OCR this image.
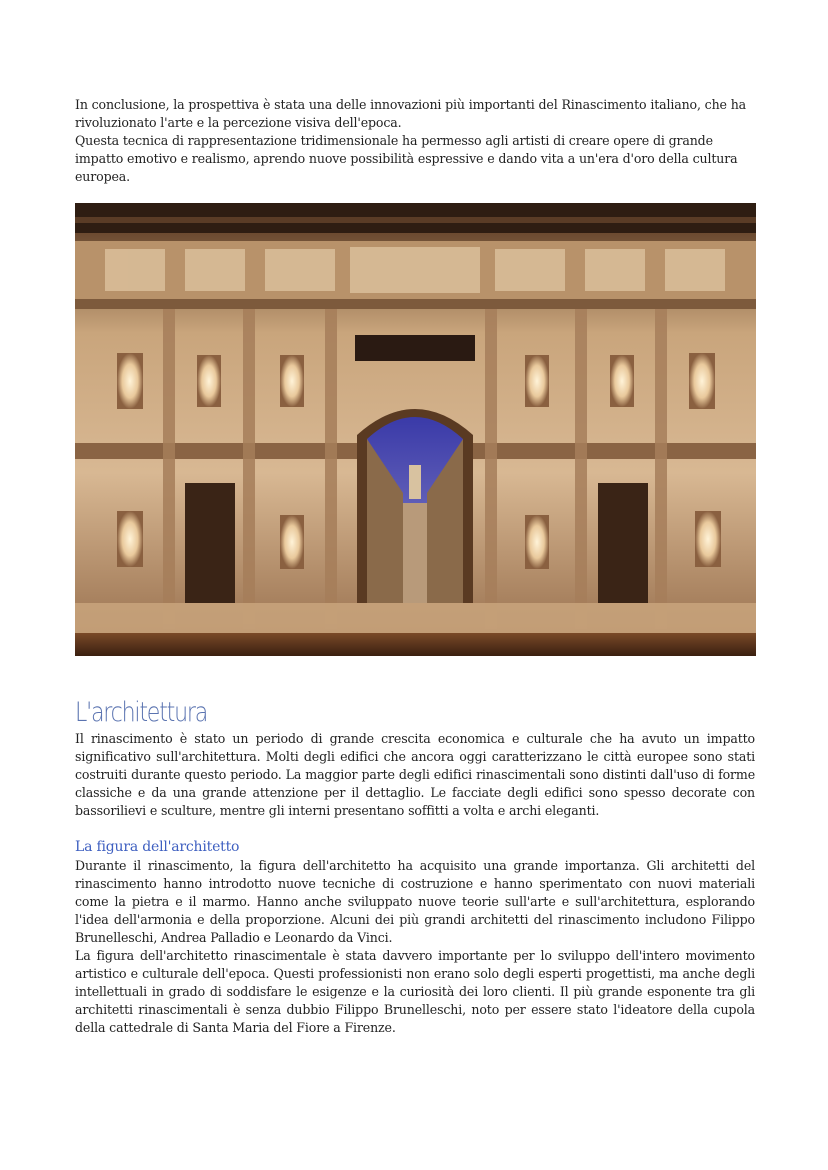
In conclusione, la prospettiva è stata una delle innovazioni più importanti del Rinascimento italiano, che ha rivoluzionato l'arte e la percezione visiva dell'epoca.

Questa tecnica di rappresentazione tridimensionale ha permesso agli artisti di creare opere di grande impatto emotivo e realismo, aprendo nuove possibilità espressive e dando vita a un'era d'oro della cultura europea.

L'architettura

Il rinascimento è stato un periodo di grande crescita economica e culturale che ha avuto un impatto significativo sull'architettura. Molti degli edifici che ancora oggi caratterizzano le città europee sono stati costruiti durante questo periodo. La maggior parte degli edifici rinascimentali sono distinti dall'uso di forme classiche e da una grande attenzione per il dettaglio. Le facciate degli edifici sono spesso decorate con bassorilievi e sculture, mentre gli interni presentano soffitti a volta e archi eleganti.

La figura dell'architetto

Durante il rinascimento, la figura dell'architetto ha acquisito una grande importanza. Gli architetti del rinascimento hanno introdotto nuove tecniche di costruzione e hanno sperimentato con nuovi materiali come la pietra e il marmo. Hanno anche sviluppato nuove teorie sull'arte e sull'architettura, esplorando l'idea dell'armonia e della proporzione. Alcuni dei più grandi architetti del rinascimento includono Filippo Brunelleschi, Andrea Palladio e Leonardo da Vinci.

La figura dell'architetto rinascimentale è stata davvero importante per lo sviluppo dell'intero movimento artistico e culturale dell'epoca. Questi professionisti non erano solo degli esperti progettisti, ma anche degli intellettuali in grado di soddisfare le esigenze e la curiosità dei loro clienti. Il più grande esponente tra gli architetti rinascimentali è senza dubbio Filippo Brunelleschi, noto per essere stato l'ideatore della cupola della cattedrale di Santa Maria del Fiore a Firenze.
